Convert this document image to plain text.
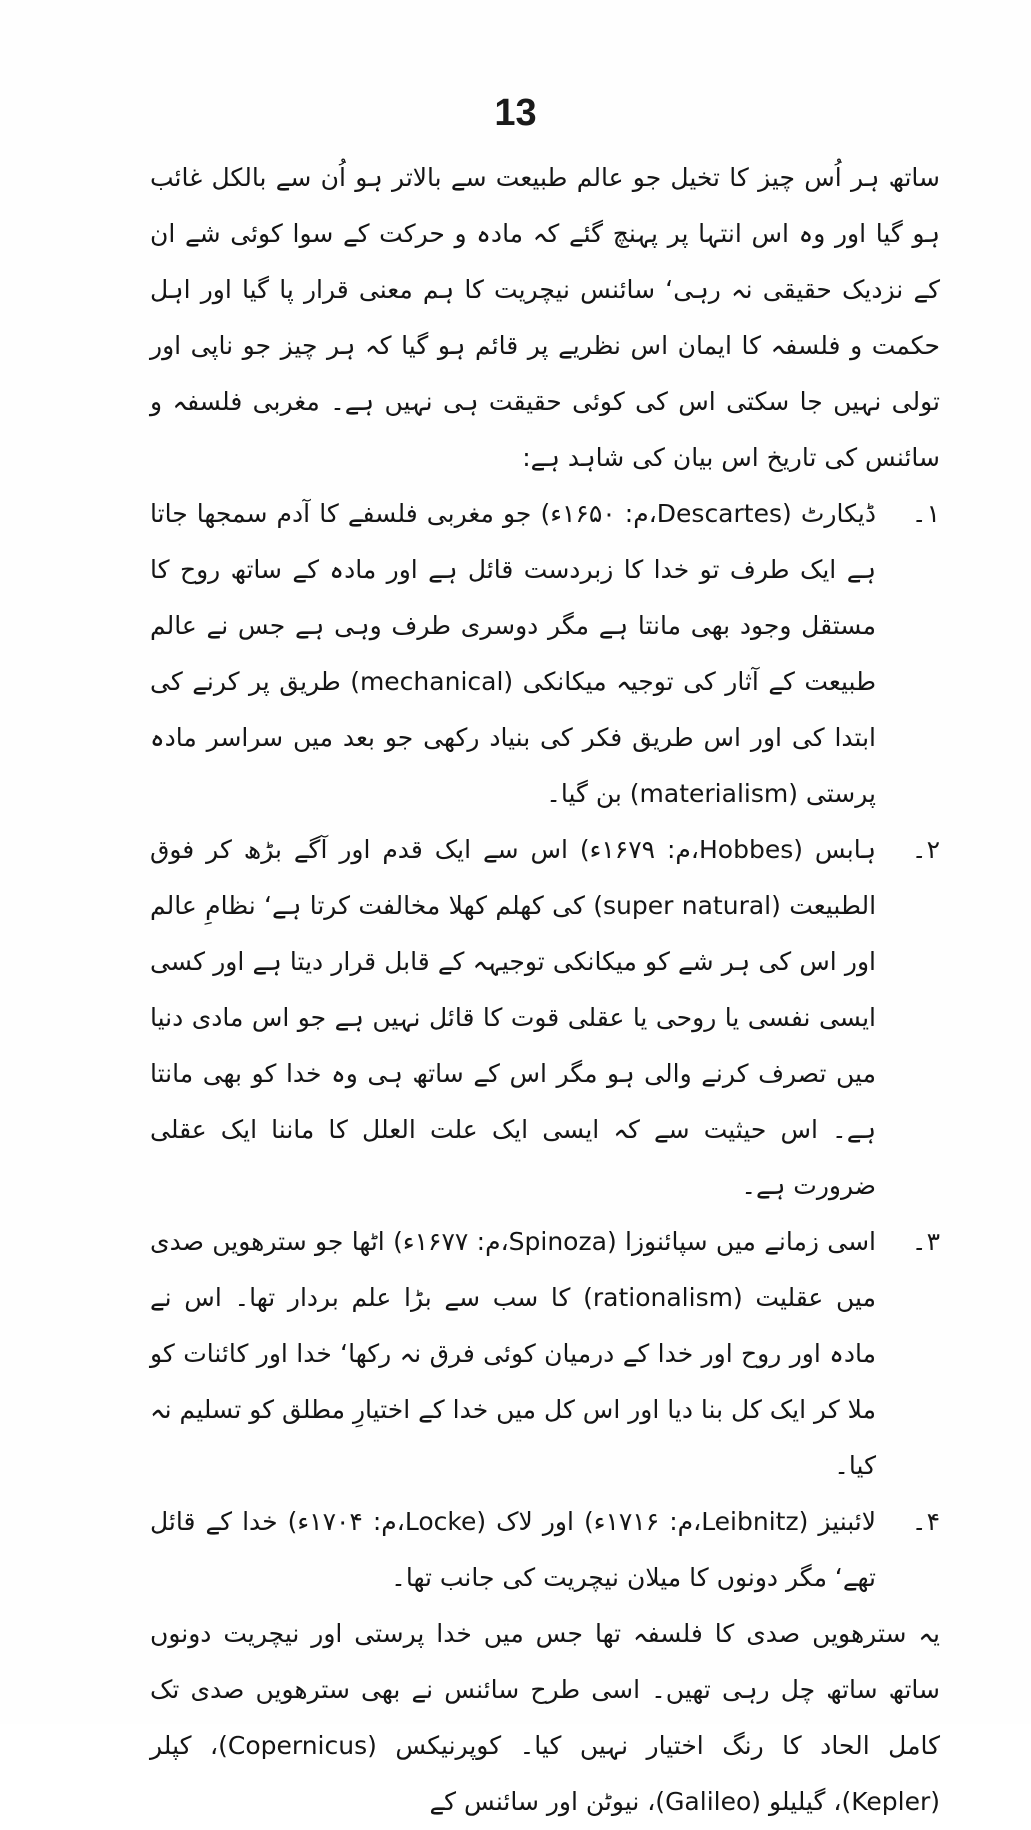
13

ساتھ ہر اُس چیز کا تخیل جو عالم طبیعت سے بالاتر ہو اُن سے بالکل غائب ہو گیا اور وہ اس انتہا پر پہنچ گئے کہ مادہ و حرکت کے سوا کوئی شے ان کے نزدیک حقیقی نہ رہی‘ سائنس نیچریت کا ہم معنی قرار پا گیا اور اہل حکمت و فلسفہ کا ایمان اس نظریے پر قائم ہو گیا کہ ہر چیز جو ناپی اور تولی نہیں جا سکتی اس کی کوئی حقیقت ہی نہیں ہے۔ مغربی فلسفہ و سائنس کی تاریخ اس بیان کی شاہد ہے:

۱۔
ڈیکارٹ (Descartes،م: ۱۶۵۰ء) جو مغربی فلسفے کا آدم سمجھا جاتا ہے ایک طرف تو خدا کا زبردست قائل ہے اور مادہ کے ساتھ روح کا مستقل وجود بھی مانتا ہے مگر دوسری طرف وہی ہے جس نے عالم طبیعت کے آثار کی توجیہ میکانکی (mechanical) طریق پر کرنے کی ابتدا کی اور اس طریق فکر کی بنیاد رکھی جو بعد میں سراسر مادہ پرستی (materialism) بن گیا۔
۲۔
ہابس (Hobbes،م: ۱۶۷۹ء) اس سے ایک قدم اور آگے بڑھ کر فوق الطبیعت (super natural) کی کھلم کھلا مخالفت کرتا ہے‘ نظامِ عالم اور اس کی ہر شے کو میکانکی توجیہہ کے قابل قرار دیتا ہے اور کسی ایسی نفسی یا روحی یا عقلی قوت کا قائل نہیں ہے جو اس مادی دنیا میں تصرف کرنے والی ہو مگر اس کے ساتھ ہی وہ خدا کو بھی مانتا ہے۔ اس حیثیت سے کہ ایسی ایک علت العلل کا ماننا ایک عقلی ضرورت ہے۔
۳۔
اسی زمانے میں سپائنوزا (Spinoza،م: ۱۶۷۷ء) اٹھا جو سترھویں صدی میں عقلیت (rationalism) کا سب سے بڑا علم بردار تھا۔ اس نے مادہ اور روح اور خدا کے درمیان کوئی فرق نہ رکھا‘ خدا اور کائنات کو ملا کر ایک کل بنا دیا اور اس کل میں خدا کے اختیارِ مطلق کو تسلیم نہ کیا۔
۴۔
لائبنیز (Leibnitz،م: ۱۷۱۶ء) اور لاک (Locke،م: ۱۷۰۴ء) خدا کے قائل تھے‘ مگر دونوں کا میلان نیچریت کی جانب تھا۔

یہ سترھویں صدی کا فلسفہ تھا جس میں خدا پرستی اور نیچریت دونوں ساتھ ساتھ چل رہی تھیں۔ اسی طرح سائنس نے بھی سترھویں صدی تک کامل الحاد کا رنگ اختیار نہیں کیا۔ کوپرنیکس (Copernicus)، کپلر (Kepler)، گیلیلو (Galileo)، نیوٹن اور سائنس کے
